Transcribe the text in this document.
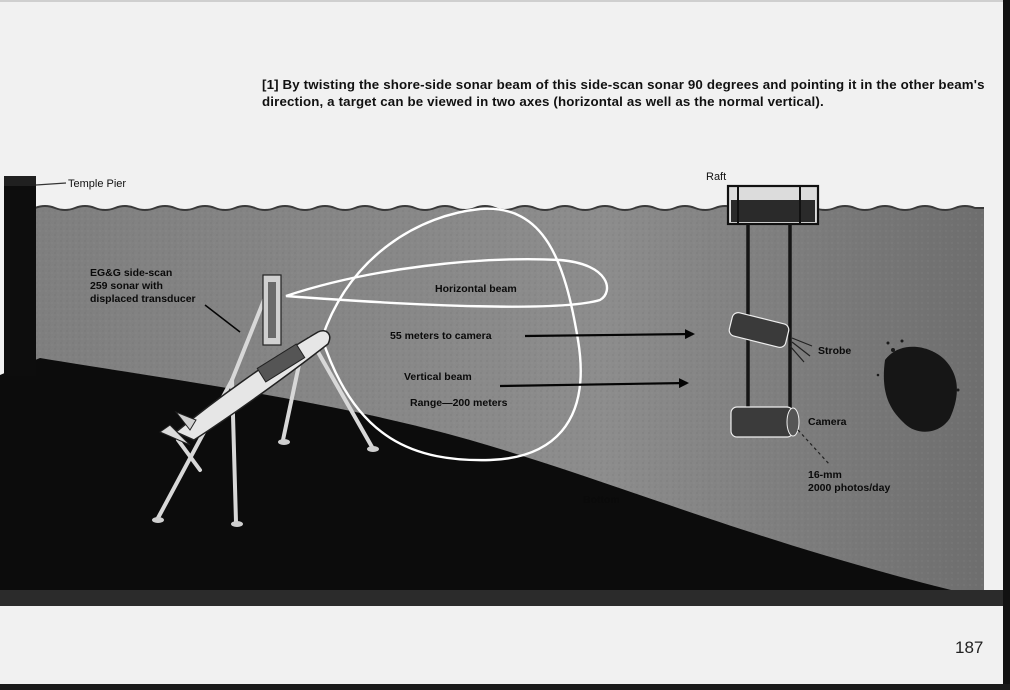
[1] By twisting the shore-side sonar beam of this side-scan sonar 90 degrees and pointing it in the other beam's direction, a target can be viewed in two axes (horizontal as well as the normal vertical).
Temple Pier
EG&G side-scan
259 sonar with
displaced transducer
Horizontal beam
55 meters to camera
Vertical beam
Range—200 meters
Raft
Strobe
Camera
16-mm
2000 photos/day
Bottom
187
